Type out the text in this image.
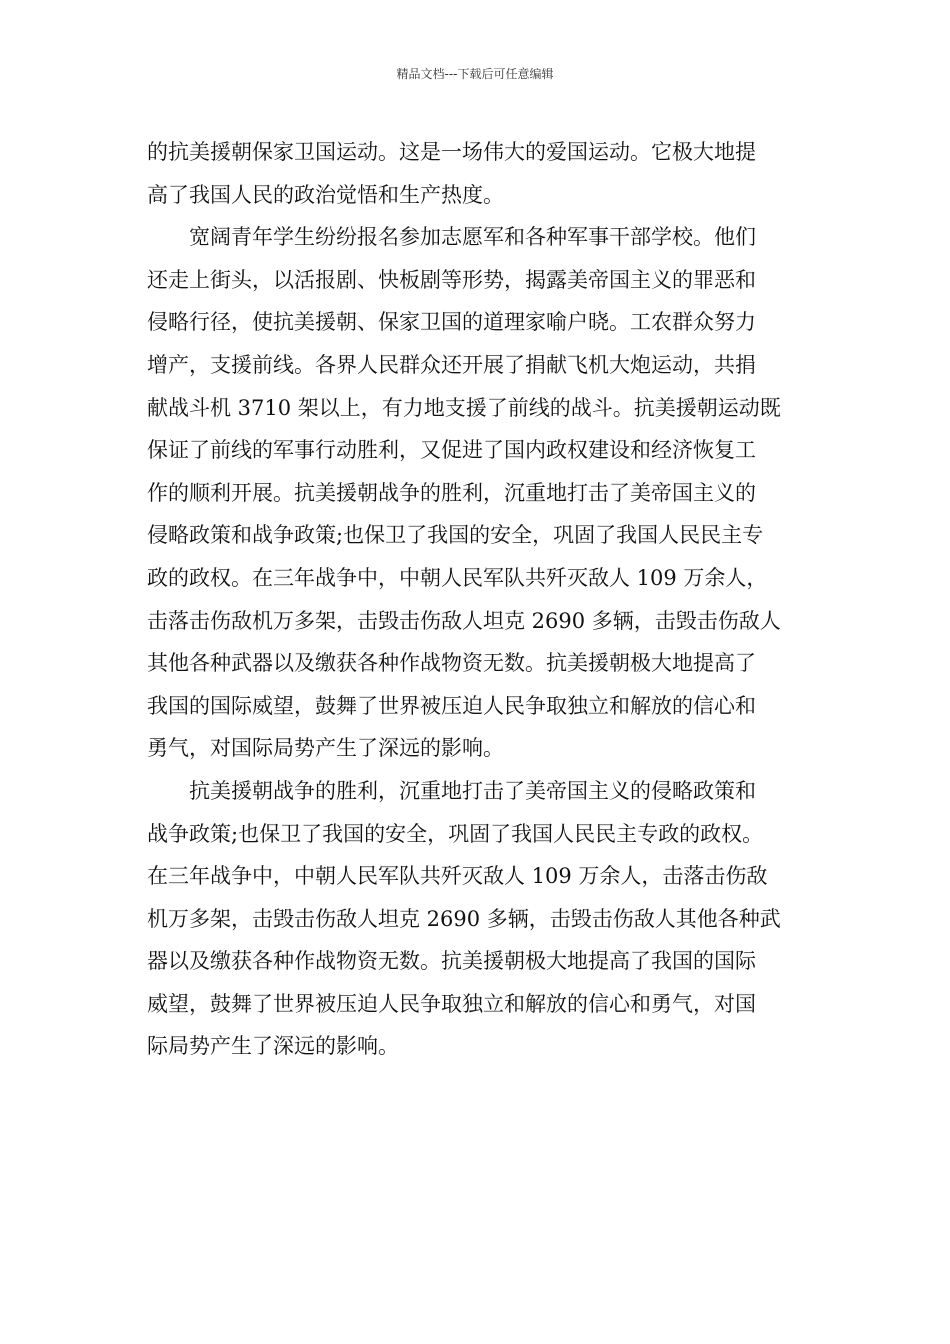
精品文档---下载后可任意编辑
的抗美援朝保家卫国运动。这是一场伟大的爱国运动。它极大地提
高了我国人民的政治觉悟和生产热度。
　　宽阔青年学生纷纷报名参加志愿军和各种军事干部学校。他们
还走上街头，以活报剧、快板剧等形势，揭露美帝国主义的罪恶和
侵略行径，使抗美援朝、保家卫国的道理家喻户晓。工农群众努力
增产，支援前线。各界人民群众还开展了捐献飞机大炮运动，共捐
献战斗机 3710 架以上，有力地支援了前线的战斗。抗美援朝运动既
保证了前线的军事行动胜利，又促进了国内政权建设和经济恢复工
作的顺利开展。抗美援朝战争的胜利，沉重地打击了美帝国主义的
侵略政策和战争政策;也保卫了我国的安全，巩固了我国人民民主专
政的政权。在三年战争中，中朝人民军队共歼灭敌人 109 万余人，
击落击伤敌机万多架，击毁击伤敌人坦克 2690 多辆，击毁击伤敌人
其他各种武器以及缴获各种作战物资无数。抗美援朝极大地提高了
我国的国际威望，鼓舞了世界被压迫人民争取独立和解放的信心和
勇气，对国际局势产生了深远的影响。
　　抗美援朝战争的胜利，沉重地打击了美帝国主义的侵略政策和
战争政策;也保卫了我国的安全，巩固了我国人民民主专政的政权。
在三年战争中，中朝人民军队共歼灭敌人 109 万余人，击落击伤敌
机万多架，击毁击伤敌人坦克 2690 多辆，击毁击伤敌人其他各种武
器以及缴获各种作战物资无数。抗美援朝极大地提高了我国的国际
威望，鼓舞了世界被压迫人民争取独立和解放的信心和勇气，对国
际局势产生了深远的影响。
